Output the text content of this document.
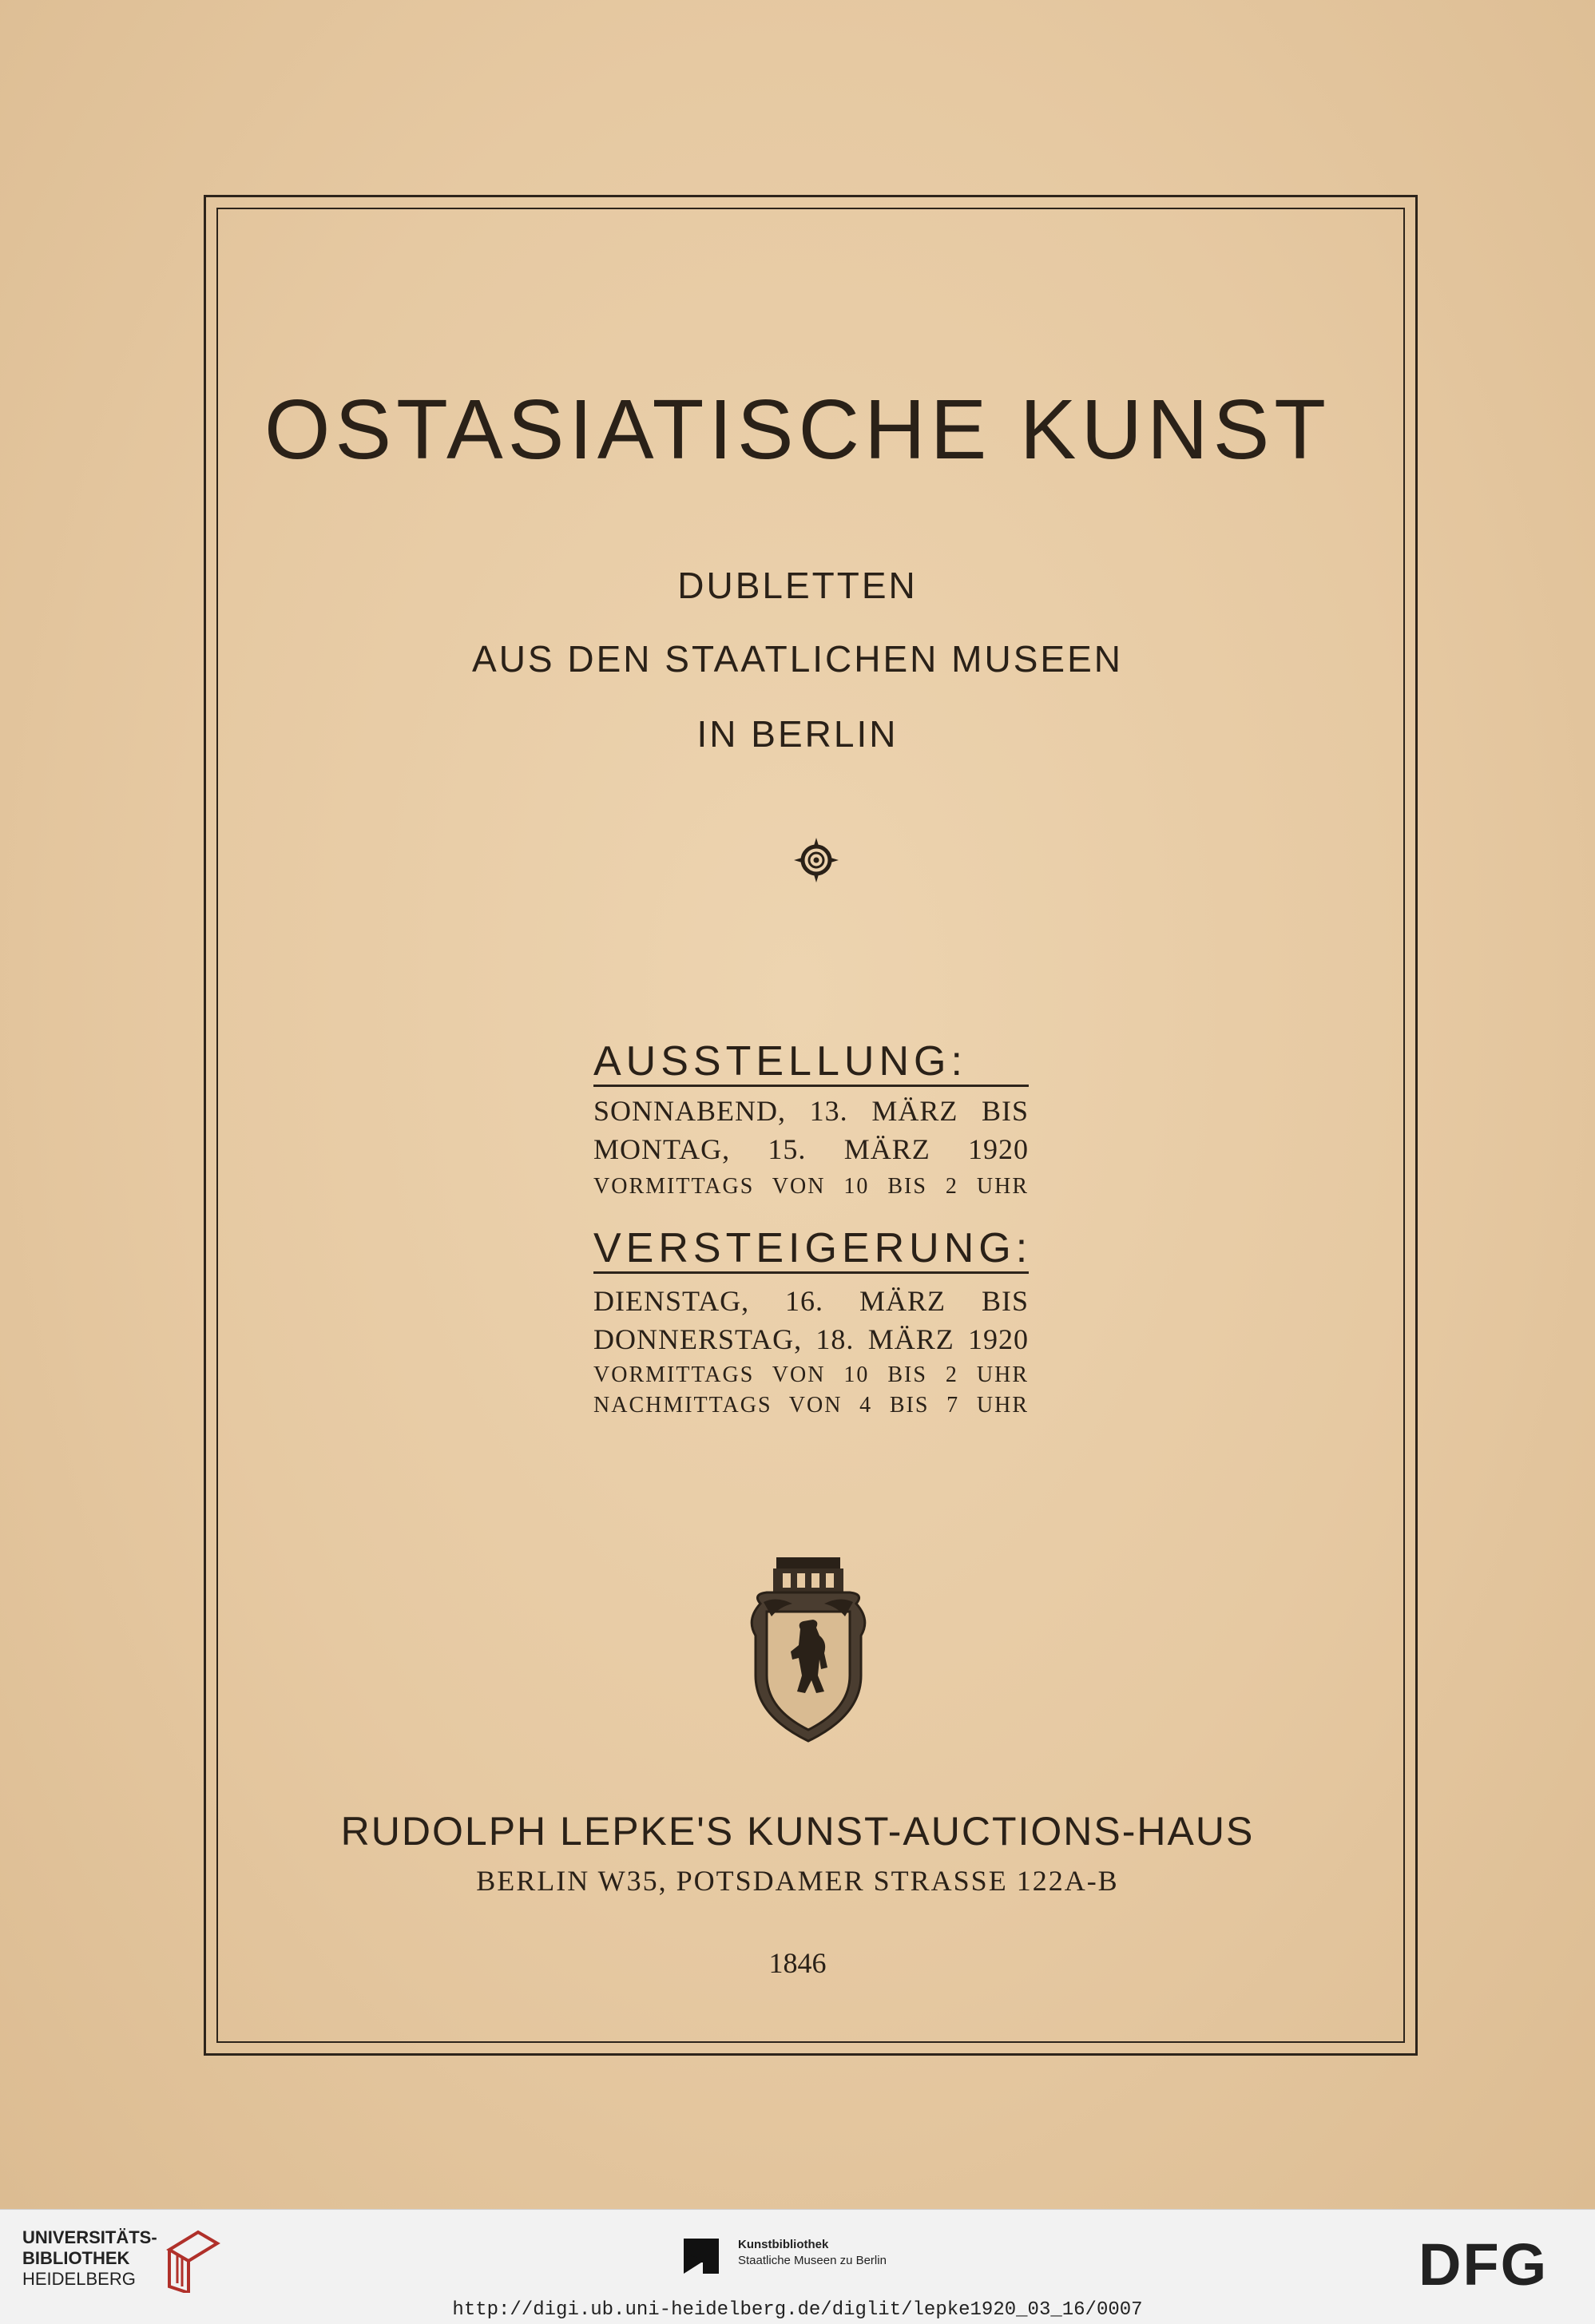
OSTASIATISCHE KUNST
DUBLETTEN
AUS DEN STAATLICHEN MUSEEN
IN BERLIN
AUSSTELLUNG:
SONNABEND, 13. MÄRZ BIS
MONTAG, 15. MÄRZ 1920
VORMITTAGS VON 10 BIS 2 UHR
VERSTEIGERUNG:
DIENSTAG, 16. MÄRZ BIS
DONNERSTAG, 18. MÄRZ 1920
VORMITTAGS VON 10 BIS 2 UHR
NACHMITTAGS VON 4 BIS 7 UHR
RUDOLPH LEPKE'S KUNST-AUCTIONS-HAUS
BERLIN W35, POTSDAMER STRASSE 122A-B
1846
UNIVERSITÄTS-
BIBLIOTHEK
HEIDELBERG
Kunstbibliothek
Staatliche Museen zu Berlin	DFG
http://digi.ub.uni-heidelberg.de/diglit/lepke1920_03_16/0007
